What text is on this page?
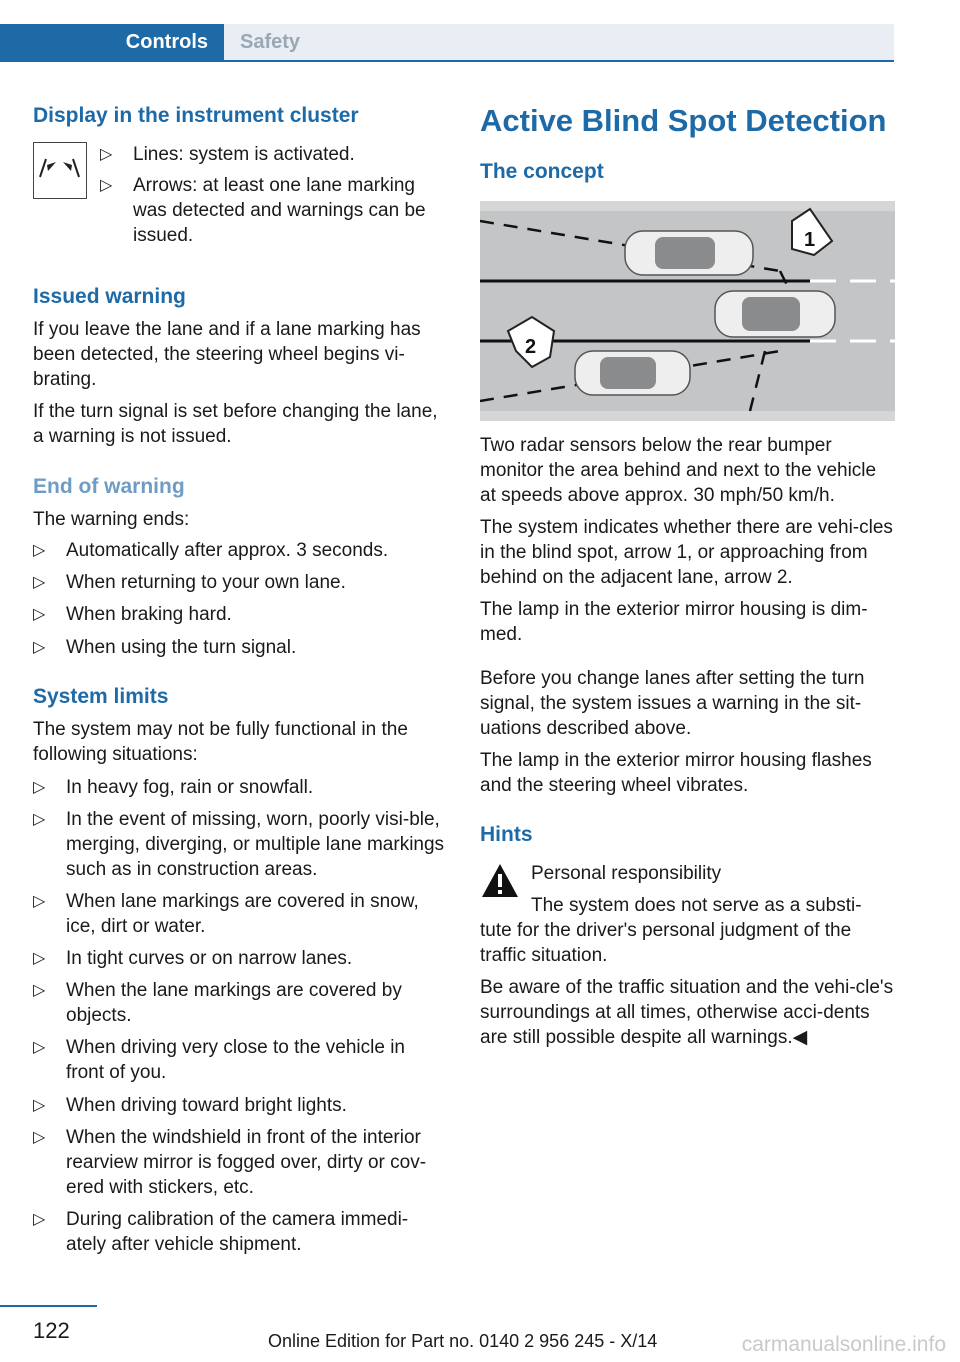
Controls	Safety
Display in the instrument cluster
▷ Lines: system is activated.
▷ Arrows: at least one lane marking was detected and warnings can be issued.
Issued warning

If you leave the lane and if a lane marking has been detected, the steering wheel begins vi-brating.

If the turn signal is set before changing the lane, a warning is not issued.

End of warning

The warning ends:

▷ Automatically after approx. 3 seconds.
▷ When returning to your own lane.
▷ When braking hard.
▷ When using the turn signal.
System limits

The system may not be fully functional in the following situations:

▷ In heavy fog, rain or snowfall.
▷ In the event of missing, worn, poorly visi-ble, merging, diverging, or multiple lane markings such as in construction areas.
▷ When lane markings are covered in snow, ice, dirt or water.
▷ In tight curves or on narrow lanes.
▷ When the lane markings are covered by objects.
▷ When driving very close to the vehicle in front of you.
▷ When driving toward bright lights.
▷ When the windshield in front of the interior rearview mirror is fogged over, dirty or cov-ered with stickers, etc.
▷ During calibration of the camera immedi-ately after vehicle shipment.
Active Blind Spot Detection
The concept
1
2

Two radar sensors below the rear bumper monitor the area behind and next to the vehicle at speeds above approx. 30 mph/50 km/h.

The system indicates whether there are vehi-cles in the blind spot, arrow 1, or approaching from behind on the adjacent lane, arrow 2.

The lamp in the exterior mirror housing is dim-med.

Before you change lanes after setting the turn signal, the system issues a warning in the sit-uations described above.

The lamp in the exterior mirror housing flashes and the steering wheel vibrates.

Hints

Personal responsibility

The system does not serve as a substi-

tute for the driver's personal judgment of the traffic situation.

Be aware of the traffic situation and the vehi-cle's surroundings at all times, otherwise acci-dents are still possible despite all warnings.◀

122	Online Edition for Part no. 0140 2 956 245 - X/14	carmanualsonline.info
